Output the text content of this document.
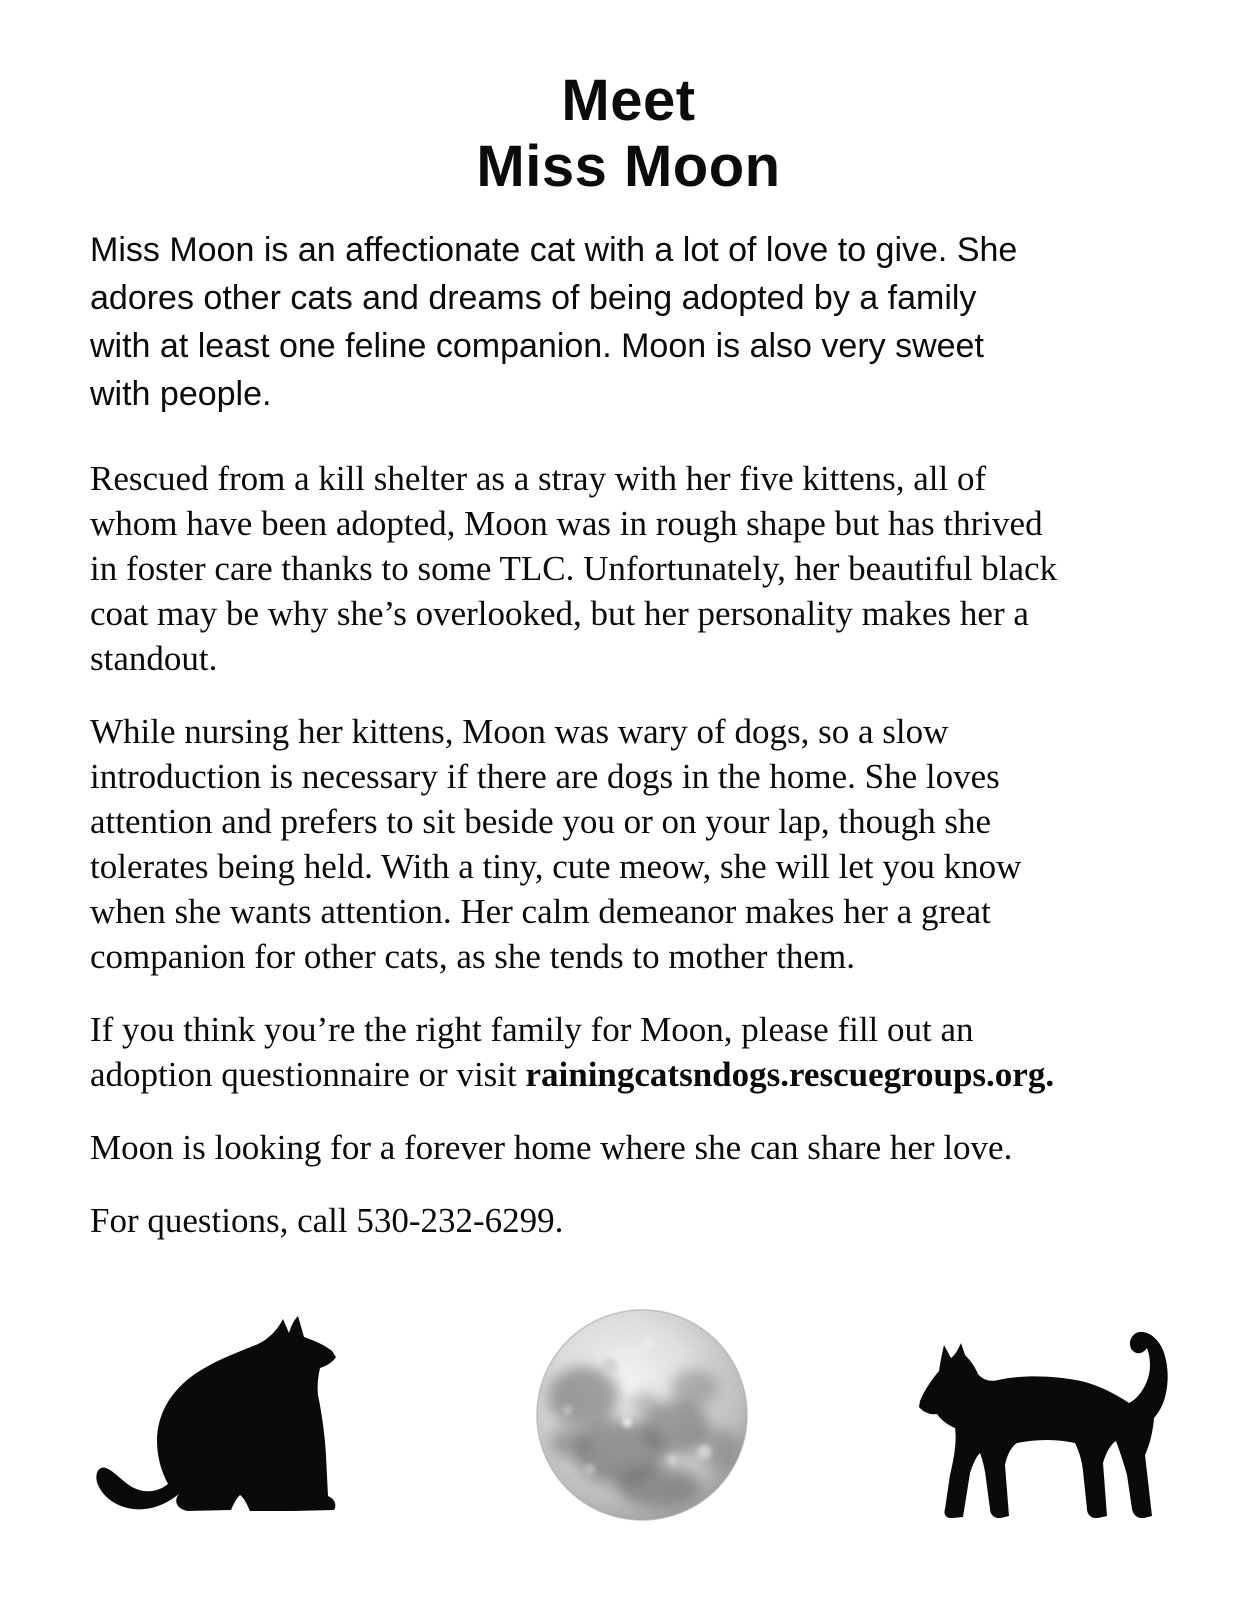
Meet
Miss Moon
Miss Moon is an affectionate cat with a lot of love to give. She
adores other cats and dreams of being adopted by a family
with at least one feline companion. Moon is also very sweet
with people.
Rescued from a kill shelter as a stray with her five kittens, all of
whom have been adopted, Moon was in rough shape but has thrived
in foster care thanks to some TLC. Unfortunately, her beautiful black
coat may be why she’s overlooked, but her personality makes her a
standout.
While nursing her kittens, Moon was wary of dogs, so a slow
introduction is necessary if there are dogs in the home. She loves
attention and prefers to sit beside you or on your lap, though she
tolerates being held. With a tiny, cute meow, she will let you know
when she wants attention. Her calm demeanor makes her a great
companion for other cats, as she tends to mother them.
If you think you’re the right family for Moon, please fill out an
adoption questionnaire or visit rainingcatsndogs.rescuegroups.org.
Moon is looking for a forever home where she can share her love.
For questions, call 530-232-6299.
